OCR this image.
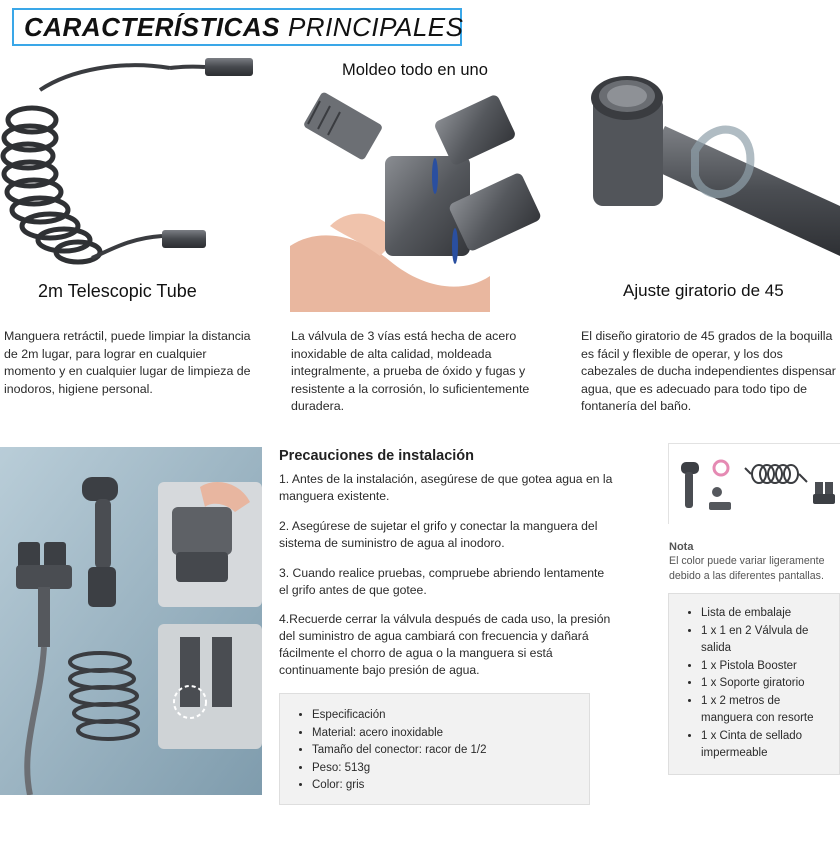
CARACTERÍSTICAS PRINCIPALES
2m Telescopic Tube
Moldeo todo en uno
Ajuste giratorio de 45
Manguera retráctil, puede limpiar la distancia de 2m lugar, para lograr en cualquier momento y en cualquier lugar de limpieza de inodoros, higiene personal.
La válvula de 3 vías está hecha de acero inoxidable de alta calidad, moldeada integralmente, a prueba de óxido y fugas y resistente a la corrosión, lo suficientemente duradera.
El diseño giratorio de 45 grados de la boquilla es fácil y flexible de operar, y los dos cabezales de ducha independientes dispensar agua, que es adecuado para todo tipo de fontanería del baño.
Precauciones de instalación
1. Antes de la instalación, asegúrese de que gotea agua en la manguera existente.
2. Asegúrese de sujetar el grifo y conectar la manguera del sistema de suministro de agua al inodoro.
3. Cuando realice pruebas, compruebe abriendo lentamente el grifo antes de que gotee.
4.Recuerde cerrar la válvula después de cada uso, la presión del suministro de agua cambiará con frecuencia y dañará fácilmente el chorro de agua o la manguera si está continuamente bajo presión de agua.
• Especificación
• Material: acero inoxidable
• Tamaño del conector: racor de 1/2
• Peso: 513g
• Color: gris
Nota
El color puede variar ligeramente debido a las diferentes pantallas.
• Lista de embalaje
• 1 x 1 en 2 Válvula de salida
• 1 x Pistola Booster
• 1 x Soporte giratorio
• 1 x 2 metros de manguera con resorte
• 1 x Cinta de sellado impermeable
